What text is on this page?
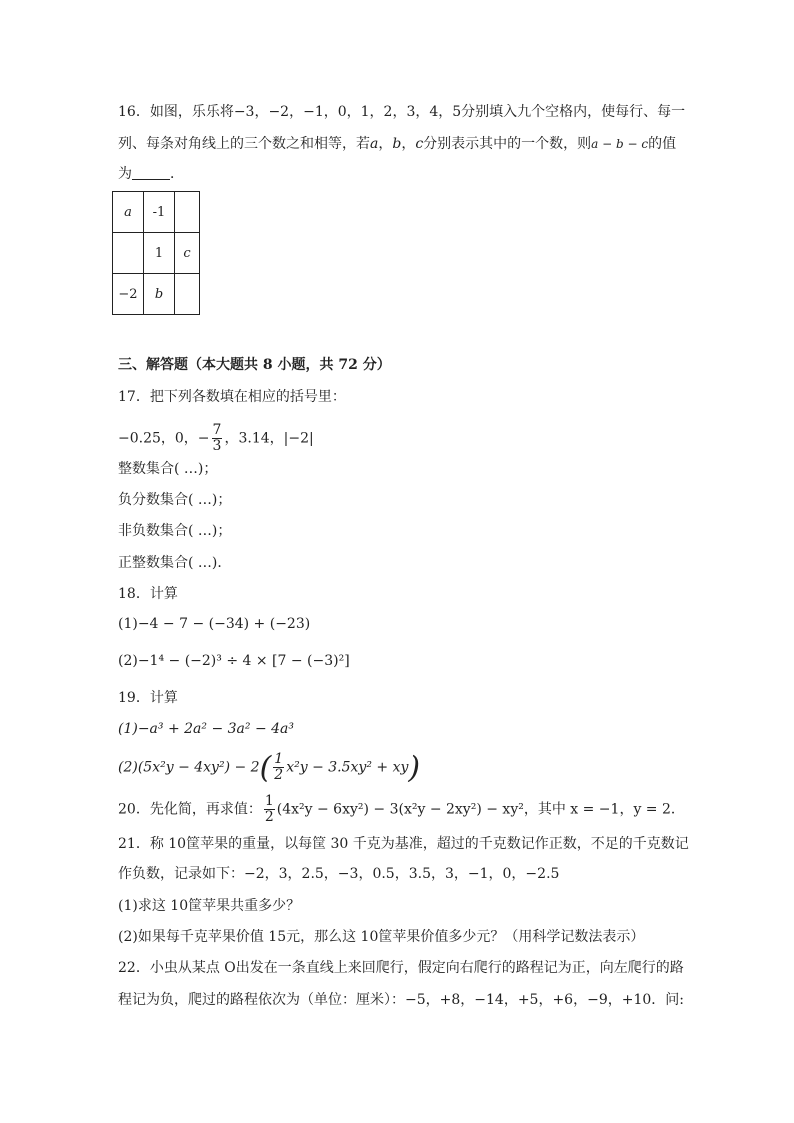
16．如图，乐乐将−3，−2，−1，0，1，2，3，4，5分别填入九个空格内，使每行、每一
列、每条对角线上的三个数之和相等，若a，b，c分别表示其中的一个数，则a − b − c的值
为	．
a	-1	
	1	c
−2	b	
三、解答题（本大题共 8 小题，共 72 分）
17．把下列各数填在相应的括号里：
−0.25，0，− $\frac{7}{3}$ ，3.14，|−2|
整数集合( …)；
负分数集合( …)；
非负数集合( …)；
正整数集合( …)．
18．计算
(1)−4 − 7 − (−34) + (−23)
(2)−1⁴ − (−2)³ ÷ 4 × [7 − (−3)²]
19．计算
(1)−a³ + 2a² − 3a² − 4a³
$(2)(5x^2y - 4xy^2) - 2( \frac{1}{2} x^2y - 3.5xy^2 + xy)$
20．先化简，再求值： $\frac{1}{2} (4x^2y - 6xy^2) - 3(x^2y - 2xy^2) - xy^2$，其中 x = −1，y = 2．
21．称 10筐苹果的重量，以每筐 30 千克为基准，超过的千克数记作正数，不足的千克数记
作负数，记录如下：−2，3，2.5，−3，0.5，3.5，3，−1，0，−2.5
(1)求这 10筐苹果共重多少？
(2)如果每千克苹果价值 15元，那么这 10筐苹果价值多少元？（用科学记数法表示）
22．小虫从某点 O出发在一条直线上来回爬行，假定向右爬行的路程记为正，向左爬行的路
程记为负，爬过的路程依次为（单位：厘米）：−5，+8，−14，+5，+6，−9，+10．问:
